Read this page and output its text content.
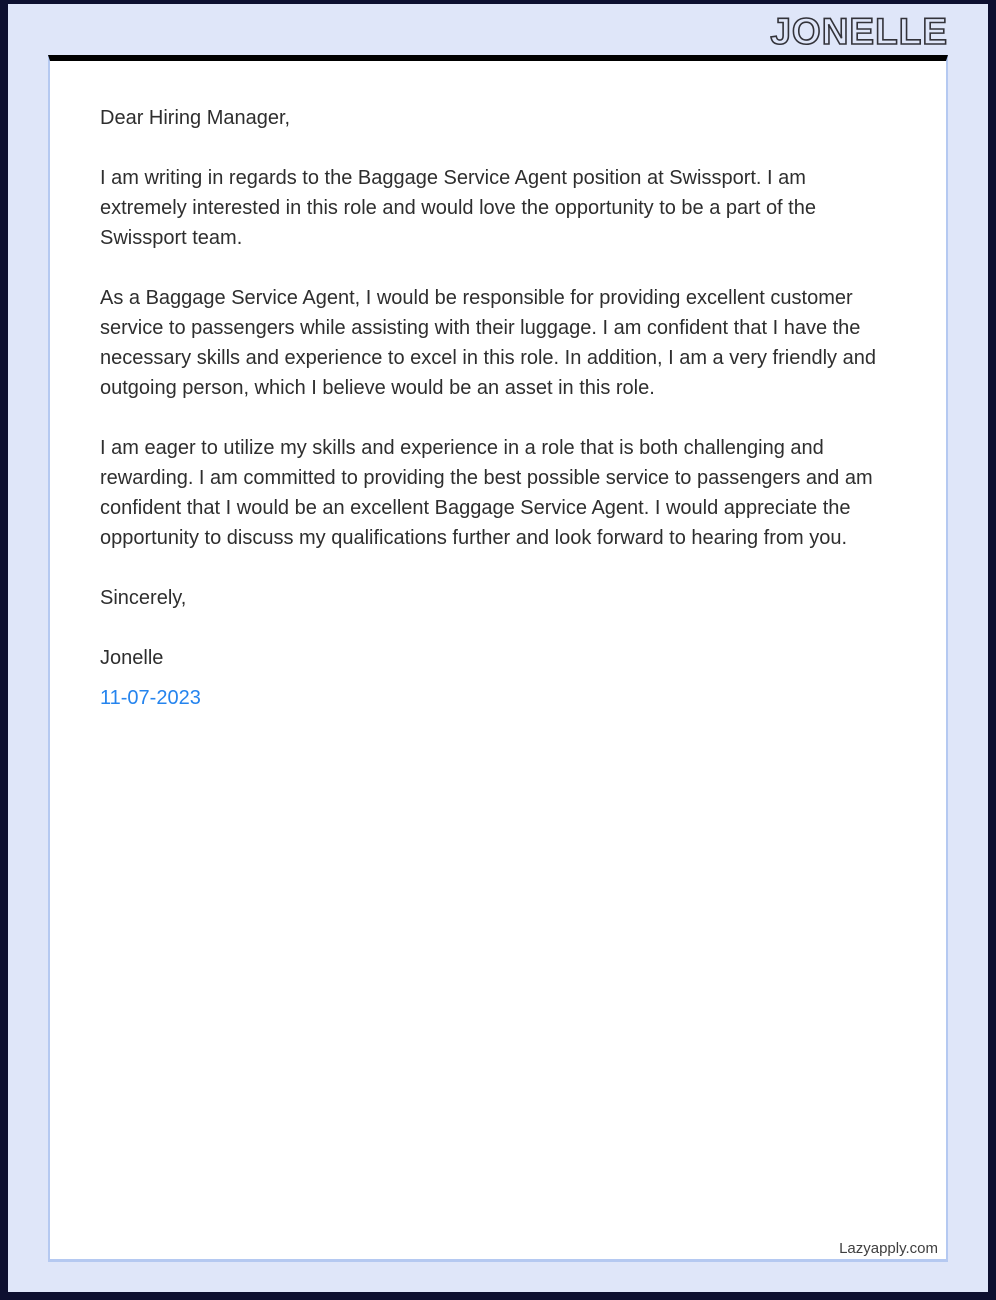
JONELLE

Dear Hiring Manager,

I am writing in regards to the Baggage Service Agent position at Swissport. I am extremely interested in this role and would love the opportunity to be a part of the Swissport team.

As a Baggage Service Agent, I would be responsible for providing excellent customer service to passengers while assisting with their luggage. I am confident that I have the necessary skills and experience to excel in this role. In addition, I am a very friendly and outgoing person, which I believe would be an asset in this role.

I am eager to utilize my skills and experience in a role that is both challenging and rewarding. I am committed to providing the best possible service to passengers and am confident that I would be an excellent Baggage Service Agent. I would appreciate the opportunity to discuss my qualifications further and look forward to hearing from you.

Sincerely,

Jonelle

11-07-2023
Lazyapply.com
